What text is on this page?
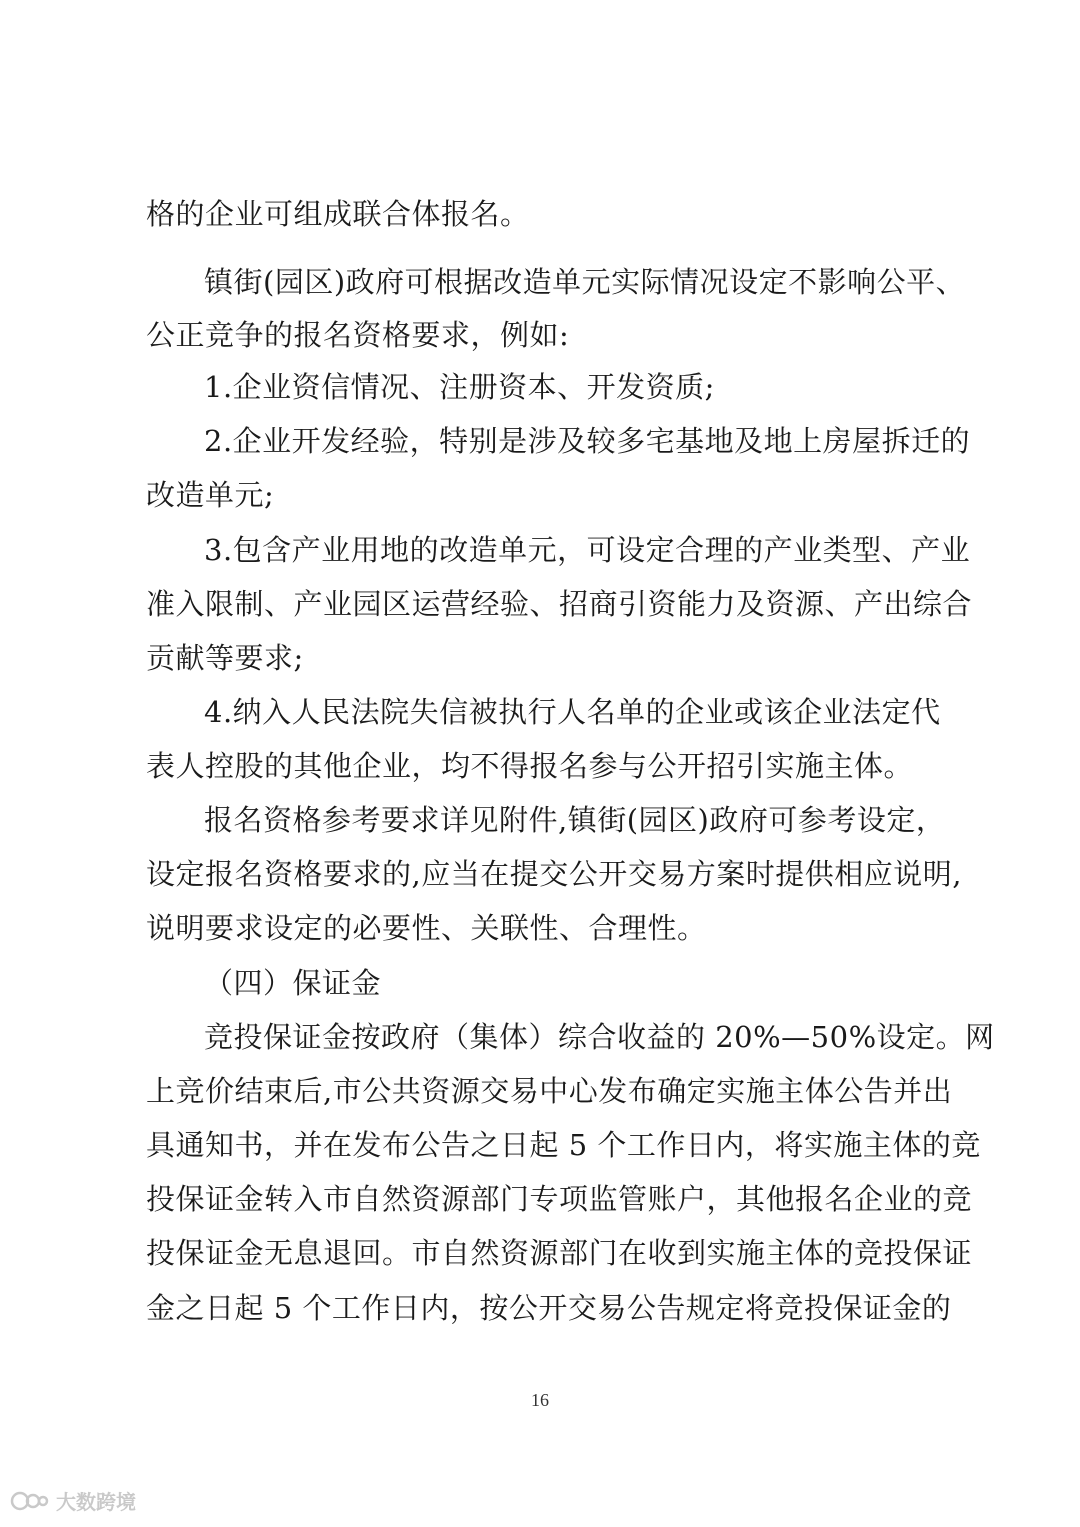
格的企业可组成联合体报名。
镇街(园区)政府可根据改造单元实际情况设定不影响公平、
公正竞争的报名资格要求，例如:
1.企业资信情况、注册资本、开发资质;
2.企业开发经验，特别是涉及较多宅基地及地上房屋拆迁的
改造单元;
3.包含产业用地的改造单元，可设定合理的产业类型、产业
准入限制、产业园区运营经验、招商引资能力及资源、产出综合
贡献等要求;
4.纳入人民法院失信被执行人名单的企业或该企业法定代
表人控股的其他企业，均不得报名参与公开招引实施主体。
报名资格参考要求详见附件,镇街(园区)政府可参考设定，
设定报名资格要求的,应当在提交公开交易方案时提供相应说明,
说明要求设定的必要性、关联性、合理性。
（四）保证金
竞投保证金按政府（集体）综合收益的 20%—50%设定。网
上竞价结束后,市公共资源交易中心发布确定实施主体公告并出
具通知书，并在发布公告之日起 5 个工作日内，将实施主体的竞
投保证金转入市自然资源部门专项监管账户，其他报名企业的竞
投保证金无息退回。市自然资源部门在收到实施主体的竞投保证
金之日起 5 个工作日内，按公开交易公告规定将竞投保证金的
16
大数跨境
